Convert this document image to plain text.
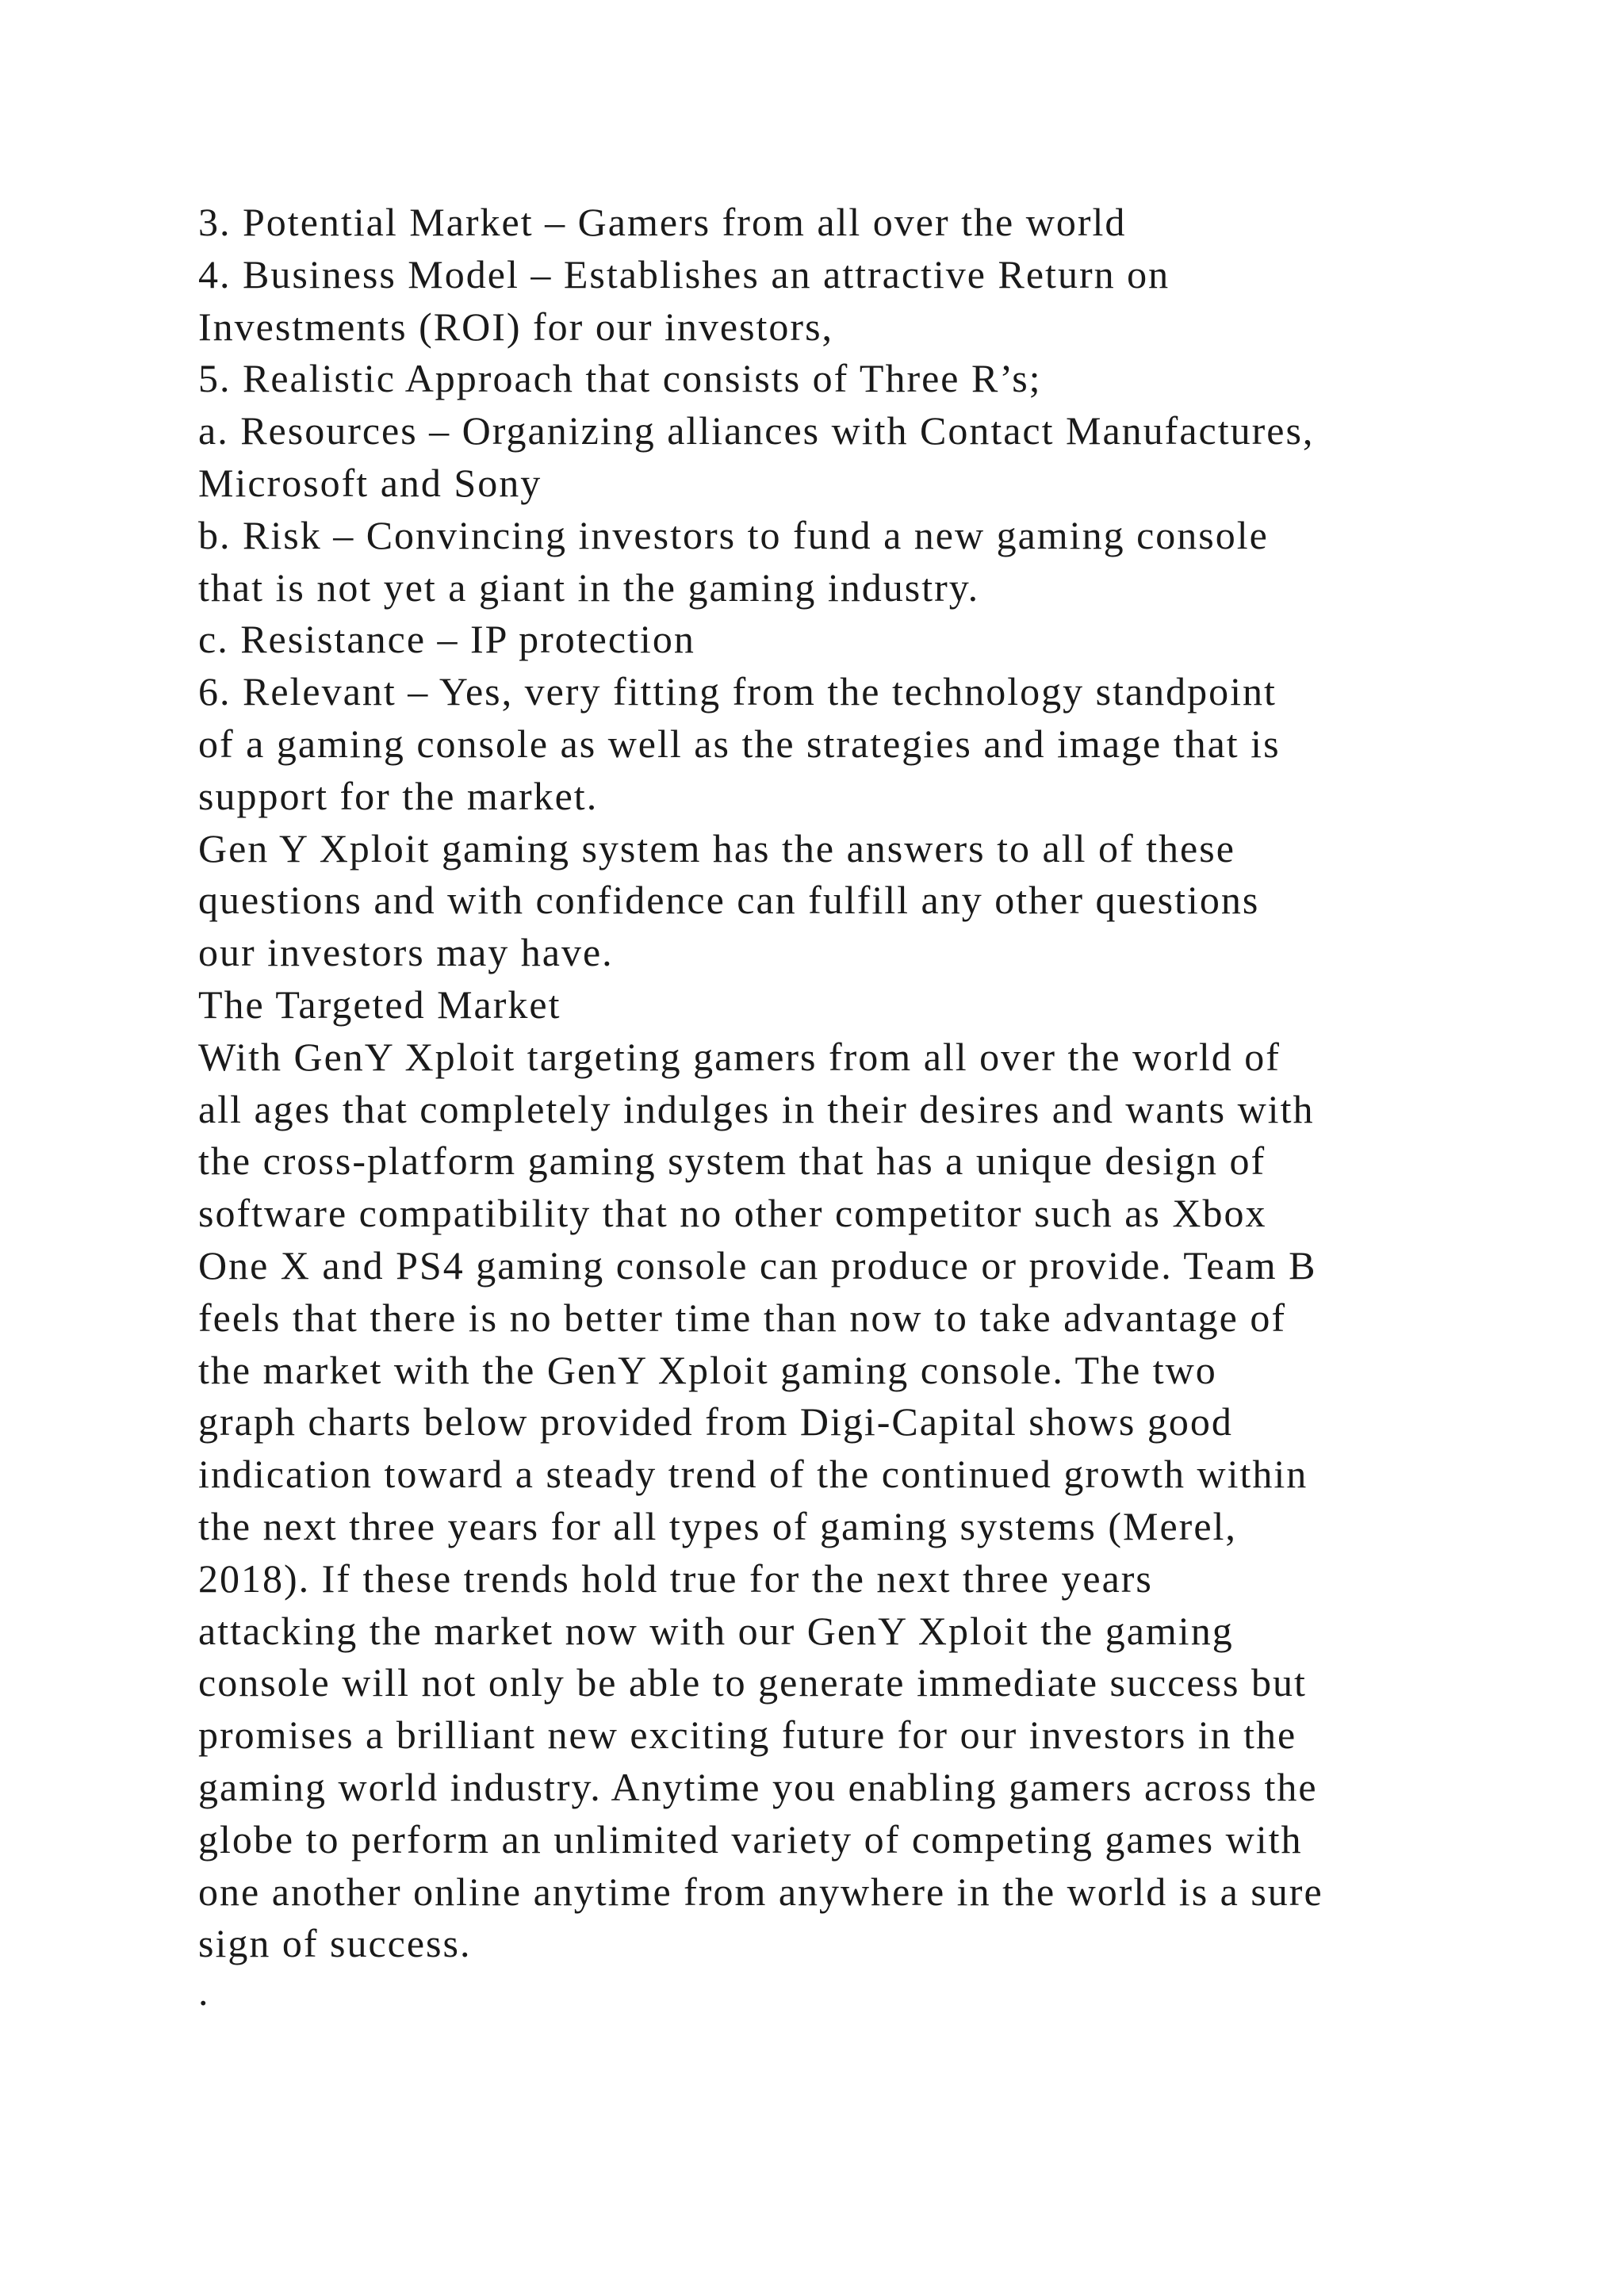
3. Potential Market – Gamers from all over the world
4. Business Model – Establishes an attractive Return on
Investments (ROI) for our investors,
5. Realistic Approach that consists of Three R’s;
a. Resources – Organizing alliances with Contact Manufactures,
Microsoft and Sony
b. Risk – Convincing investors to fund a new gaming console
that is not yet a giant in the gaming industry.
c. Resistance – IP protection
6. Relevant – Yes, very fitting from the technology standpoint
of a gaming console as well as the strategies and image that is
support for the market.
Gen Y Xploit gaming system has the answers to all of these
questions and with confidence can fulfill any other questions
our investors may have.
The Targeted Market
With GenY Xploit targeting gamers from all over the world of
all ages that completely indulges in their desires and wants with
the cross-platform gaming system that has a unique design of
software compatibility that no other competitor such as Xbox
One X and PS4 gaming console can produce or provide. Team B
feels that there is no better time than now to take advantage of
the market with the GenY Xploit gaming console. The two
graph charts below provided from Digi-Capital shows good
indication toward a steady trend of the continued growth within
the next three years for all types of gaming systems (Merel,
2018). If these trends hold true for the next three years
attacking the market now with our GenY Xploit the gaming
console will not only be able to generate immediate success but
promises a brilliant new exciting future for our investors in the
gaming world industry. Anytime you enabling gamers across the
globe to perform an unlimited variety of competing games with
one another online anytime from anywhere in the world is a sure
sign of success.
.
